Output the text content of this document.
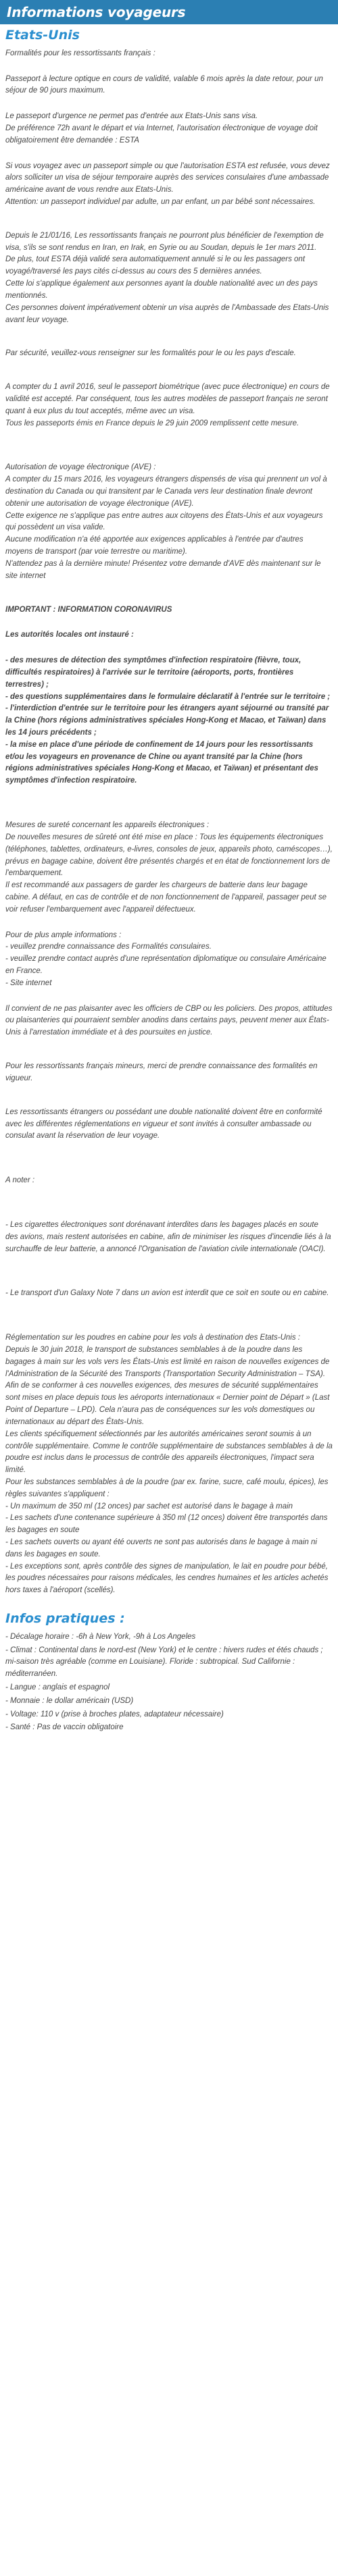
Informations voyageurs
Etats-Unis

Formalités pour les ressortissants français :

Passeport à lecture optique en cours de validité, valable 6 mois après la date retour, pour un séjour de 90 jours maximum.

Le passeport d'urgence ne permet pas d'entrée aux Etats-Unis sans visa.
De préférence 72h avant le départ et via Internet, l'autorisation électronique de voyage doit obligatoirement être demandée : ESTA

Si vous voyagez avec un passeport simple ou que l'autorisation ESTA est refusée, vous devez alors solliciter un visa de séjour temporaire auprès des services consulaires d'une ambassade américaine avant de vous rendre aux Etats-Unis.
Attention: un passeport individuel par adulte, un par enfant, un par bébé sont nécessaires.

Depuis le 21/01/16, Les ressortissants français ne pourront plus bénéficier de l'exemption de visa, s'ils se sont rendus en Iran, en Irak, en Syrie ou au Soudan, depuis le 1er mars 2011.
De plus, tout ESTA déjà validé sera automatiquement annulé si le ou les passagers ont voyagé/traversé les pays cités ci-dessus au cours des 5 dernières années.
Cette loi s'applique également aux personnes ayant la double nationalité avec un des pays mentionnés.
Ces personnes doivent impérativement obtenir un visa auprès de l'Ambassade des Etats-Unis avant leur voyage.

Par sécurité, veuillez-vous renseigner sur les formalités pour le ou les pays d'escale.

A compter du 1 avril 2016, seul le passeport biométrique (avec puce électronique) en cours de validité est accepté. Par conséquent, tous les autres modèles de passeport français ne seront quant à eux plus du tout acceptés, même avec un visa.
Tous les passeports émis en France depuis le 29 juin 2009 remplissent cette mesure.

Autorisation de voyage électronique (AVE) :
A compter du 15 mars 2016, les voyageurs étrangers dispensés de visa qui prennent un vol à destination du Canada ou qui transitent par le Canada vers leur destination finale devront obtenir une autorisation de voyage électronique (AVE).
Cette exigence ne s'applique pas entre autres aux citoyens des États-Unis et aux voyageurs qui possèdent un visa valide.
Aucune modification n'a été apportée aux exigences applicables à l'entrée par d'autres moyens de transport (par voie terrestre ou maritime).
N'attendez pas à la dernière minute! Présentez votre demande d'AVE dès maintenant sur le site internet

IMPORTANT : INFORMATION CORONAVIRUS

Les autorités locales ont instauré :

- des mesures de détection des symptômes d'infection respiratoire (fièvre, toux, difficultés respiratoires) à l'arrivée sur le territoire (aéroports, ports, frontières terrestres) ;
- des questions supplémentaires dans le formulaire déclaratif à l'entrée sur le territoire ;
- l'interdiction d'entrée sur le territoire pour les étrangers ayant séjourné ou transité par la Chine (hors régions administratives spéciales Hong-Kong et Macao, et Taïwan) dans les 14 jours précédents ;
- la mise en place d'une période de confinement de 14 jours pour les ressortissants et/ou les voyageurs en provenance de Chine ou ayant transité par la Chine (hors régions administratives spéciales Hong-Kong et Macao, et Taïwan) et présentant des symptômes d'infection respiratoire.

Mesures de sureté concernant les appareils électroniques :
De nouvelles mesures de sûreté ont été mise en place : Tous les équipements électroniques (téléphones, tablettes, ordinateurs, e-livres, consoles de jeux, appareils photo, caméscopes…), prévus en bagage cabine, doivent être présentés chargés et en état de fonctionnement lors de l'embarquement.
Il est recommandé aux passagers de garder les chargeurs de batterie dans leur bagage cabine. A défaut, en cas de contrôle et de non fonctionnement de l'appareil, passager peut se voir refuser l'embarquement avec l'appareil défectueux.

Pour de plus ample informations :
- veuillez prendre connaissance des Formalités consulaires.
- veuillez prendre contact auprès d'une représentation diplomatique ou consulaire Américaine en France.
- Site internet

Il convient de ne pas plaisanter avec les officiers de CBP ou les policiers. Des propos, attitudes ou plaisanteries qui pourraient sembler anodins dans certains pays, peuvent mener aux États-Unis à l'arrestation immédiate et à des poursuites en justice.

Pour les ressortissants français mineurs, merci de prendre connaissance des formalités en vigueur.

Les ressortissants étrangers ou possédant une double nationalité doivent être en conformité avec les différentes réglementations en vigueur et sont invités à consulter ambassade ou consulat avant la réservation de leur voyage.

A noter :

- Les cigarettes électroniques sont dorénavant interdites dans les bagages placés en soute des avions, mais restent autorisées en cabine, afin de minimiser les risques d'incendie liés à la surchauffe de leur batterie, a annoncé l'Organisation de l'aviation civile internationale (OACI).

- Le transport d'un Galaxy Note 7 dans un avion est interdit que ce soit en soute ou en cabine.

Réglementation sur les poudres en cabine pour les vols à destination des Etats-Unis :
Depuis le 30 juin 2018, le transport de substances semblables à de la poudre dans les bagages à main sur les vols vers les États-Unis est limité en raison de nouvelles exigences de l'Administration de la Sécurité des Transports (Transportation Security Administration – TSA).
Afin de se conformer à ces nouvelles exigences, des mesures de sécurité supplémentaires sont mises en place depuis tous les aéroports internationaux « Dernier point de Départ » (Last Point of Departure – LPD). Cela n'aura pas de conséquences sur les vols domestiques ou internationaux au départ des États-Unis.
Les clients spécifiquement sélectionnés par les autorités américaines seront soumis à un contrôle supplémentaire. Comme le contrôle supplémentaire de substances semblables à de la poudre est inclus dans le processus de contrôle des appareils électroniques, l'impact sera limité.
Pour les substances semblables à de la poudre (par ex. farine, sucre, café moulu, épices), les règles suivantes s'appliquent :
- Un maximum de 350 ml (12 onces) par sachet est autorisé dans le bagage à main
- Les sachets d'une contenance supérieure à 350 ml (12 onces) doivent être transportés dans les bagages en soute
- Les sachets ouverts ou ayant été ouverts ne sont pas autorisés dans le bagage à main ni dans les bagages en soute.
- Les exceptions sont, après contrôle des signes de manipulation, le lait en poudre pour bébé, les poudres nécessaires pour raisons médicales, les cendres humaines et les articles achetés hors taxes à l'aéroport (scellés).

Infos pratiques :
- Décalage horaire : -6h à New York, -9h à Los Angeles
- Climat : Continental dans le nord-est (New York) et le centre : hivers rudes et étés chauds ; mi-saison très agréable (comme en Louisiane). Floride : subtropical. Sud Californie : méditerranéen.
- Langue : anglais et espagnol
- Monnaie : le dollar américain (USD)
- Voltage: 110 v (prise à broches plates, adaptateur nécessaire)
- Santé : Pas de vaccin obligatoire
